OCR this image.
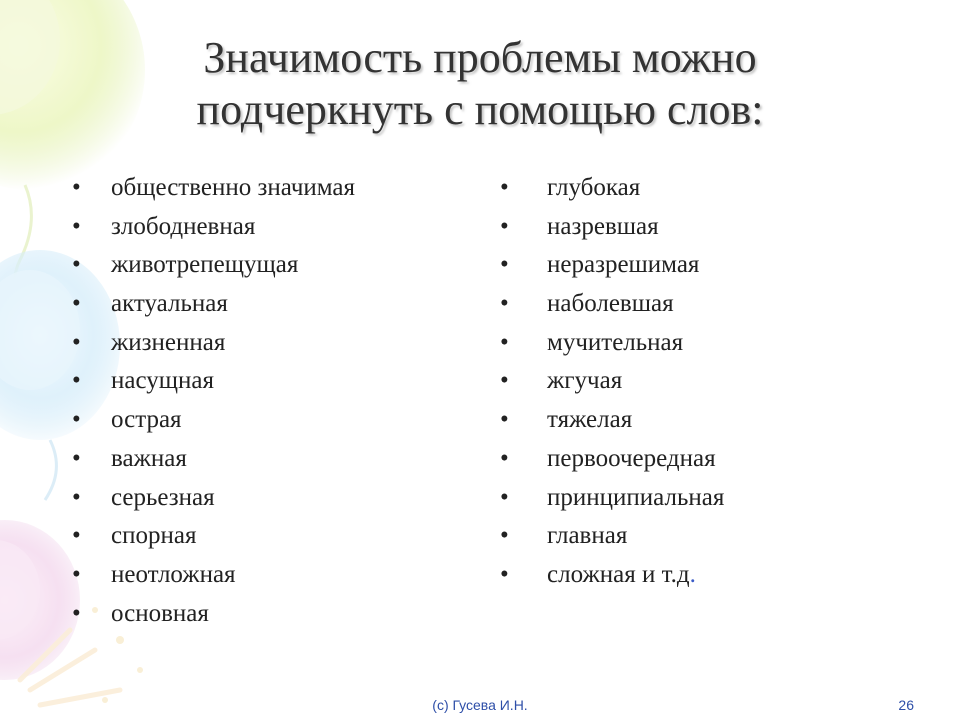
Значимость проблемы можно
подчеркнуть с помощью слов:
•	общественно значимая
•	злободневная
•	животрепещущая
•	актуальная
•	жизненная
•	насущная
•	острая
•	важная
•	серьезная
•	спорная
•	неотложная
•	основная
•	глубокая
•	назревшая
•	неразрешимая
•	наболевшая
•	мучительная
•	жгучая
•	тяжелая
•	первоочередная
•	принципиальная
•	главная
•	сложная и т.д.
(c) Гусева И.Н.	26
